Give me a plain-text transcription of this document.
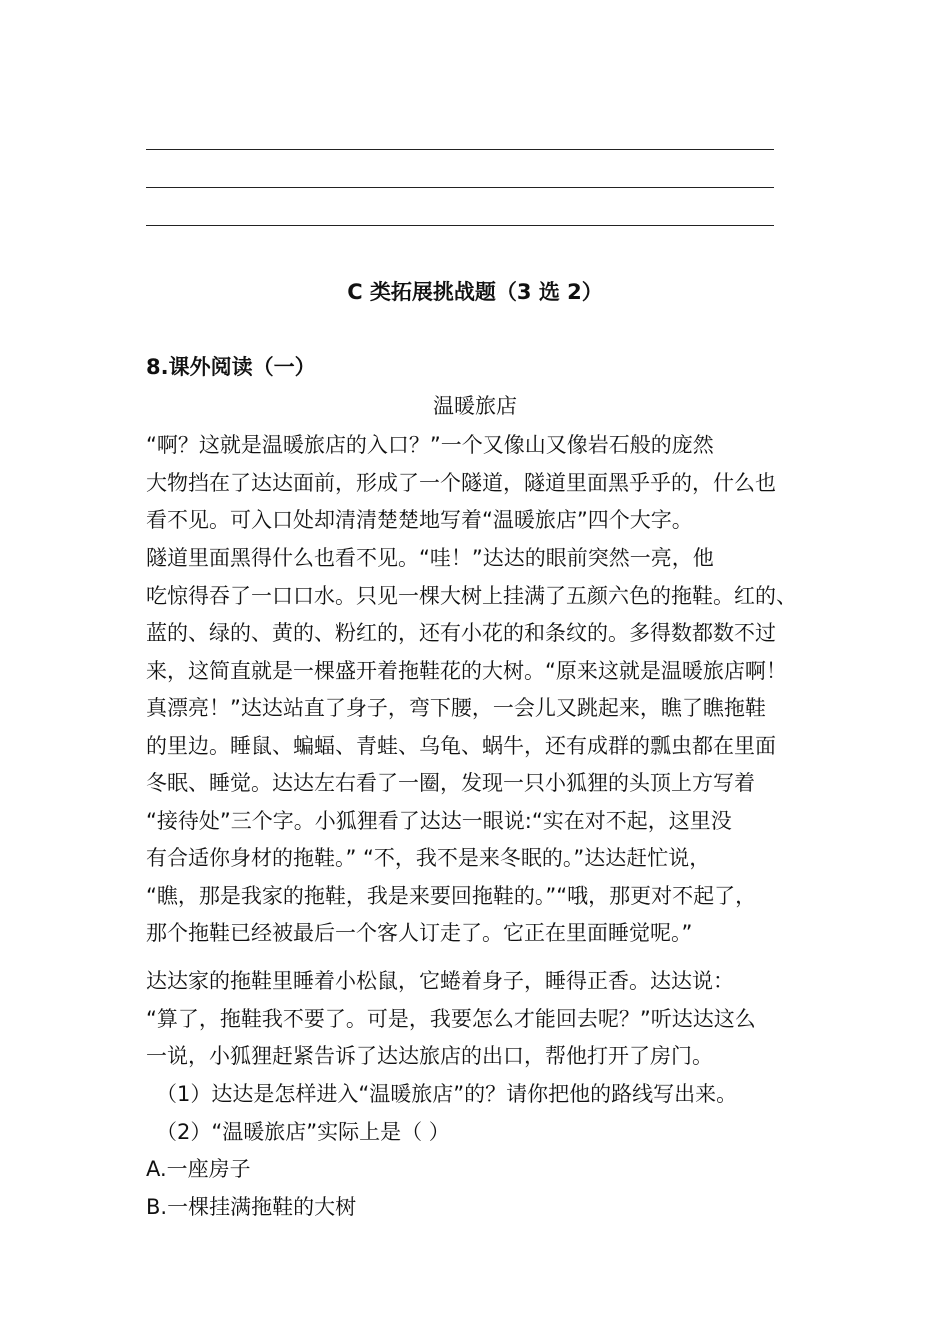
C 类拓展挑战题（3 选 2）
8.课外阅读（一）
温暖旅店
“啊？这就是温暖旅店的入口？”一个又像山又像岩石般的庞然
大物挡在了达达面前，形成了一个隧道，隧道里面黑乎乎的，什么也
看不见。可入口处却清清楚楚地写着“温暖旅店”四个大字。
隧道里面黑得什么也看不见。“哇！”达达的眼前突然一亮，他
吃惊得吞了一口口水。只见一棵大树上挂满了五颜六色的拖鞋。红的、
蓝的、绿的、黄的、粉红的，还有小花的和条纹的。多得数都数不过
来，这简直就是一棵盛开着拖鞋花的大树。“原来这就是温暖旅店啊！
真漂亮！”达达站直了身子，弯下腰，一会儿又跳起来，瞧了瞧拖鞋
的里边。睡鼠、蝙蝠、青蛙、乌龟、蜗牛，还有成群的瓢虫都在里面
冬眠、睡觉。达达左右看了一圈，发现一只小狐狸的头顶上方写着
“接待处”三个字。小狐狸看了达达一眼说:“实在对不起，这里没
有合适你身材的拖鞋。” “不，我不是来冬眠的。”达达赶忙说，
“瞧，那是我家的拖鞋，我是来要回拖鞋的。”“哦，那更对不起了，
那个拖鞋已经被最后一个客人订走了。它正在里面睡觉呢。”
达达家的拖鞋里睡着小松鼠，它蜷着身子，睡得正香。达达说：
“算了，拖鞋我不要了。可是，我要怎么才能回去呢？”听达达这么
一说，小狐狸赶紧告诉了达达旅店的出口，帮他打开了房门。
（1）达达是怎样进入“温暖旅店”的？请你把他的路线写出来。
（2）“温暖旅店”实际上是（ ）
A.一座房子
B.一棵挂满拖鞋的大树
